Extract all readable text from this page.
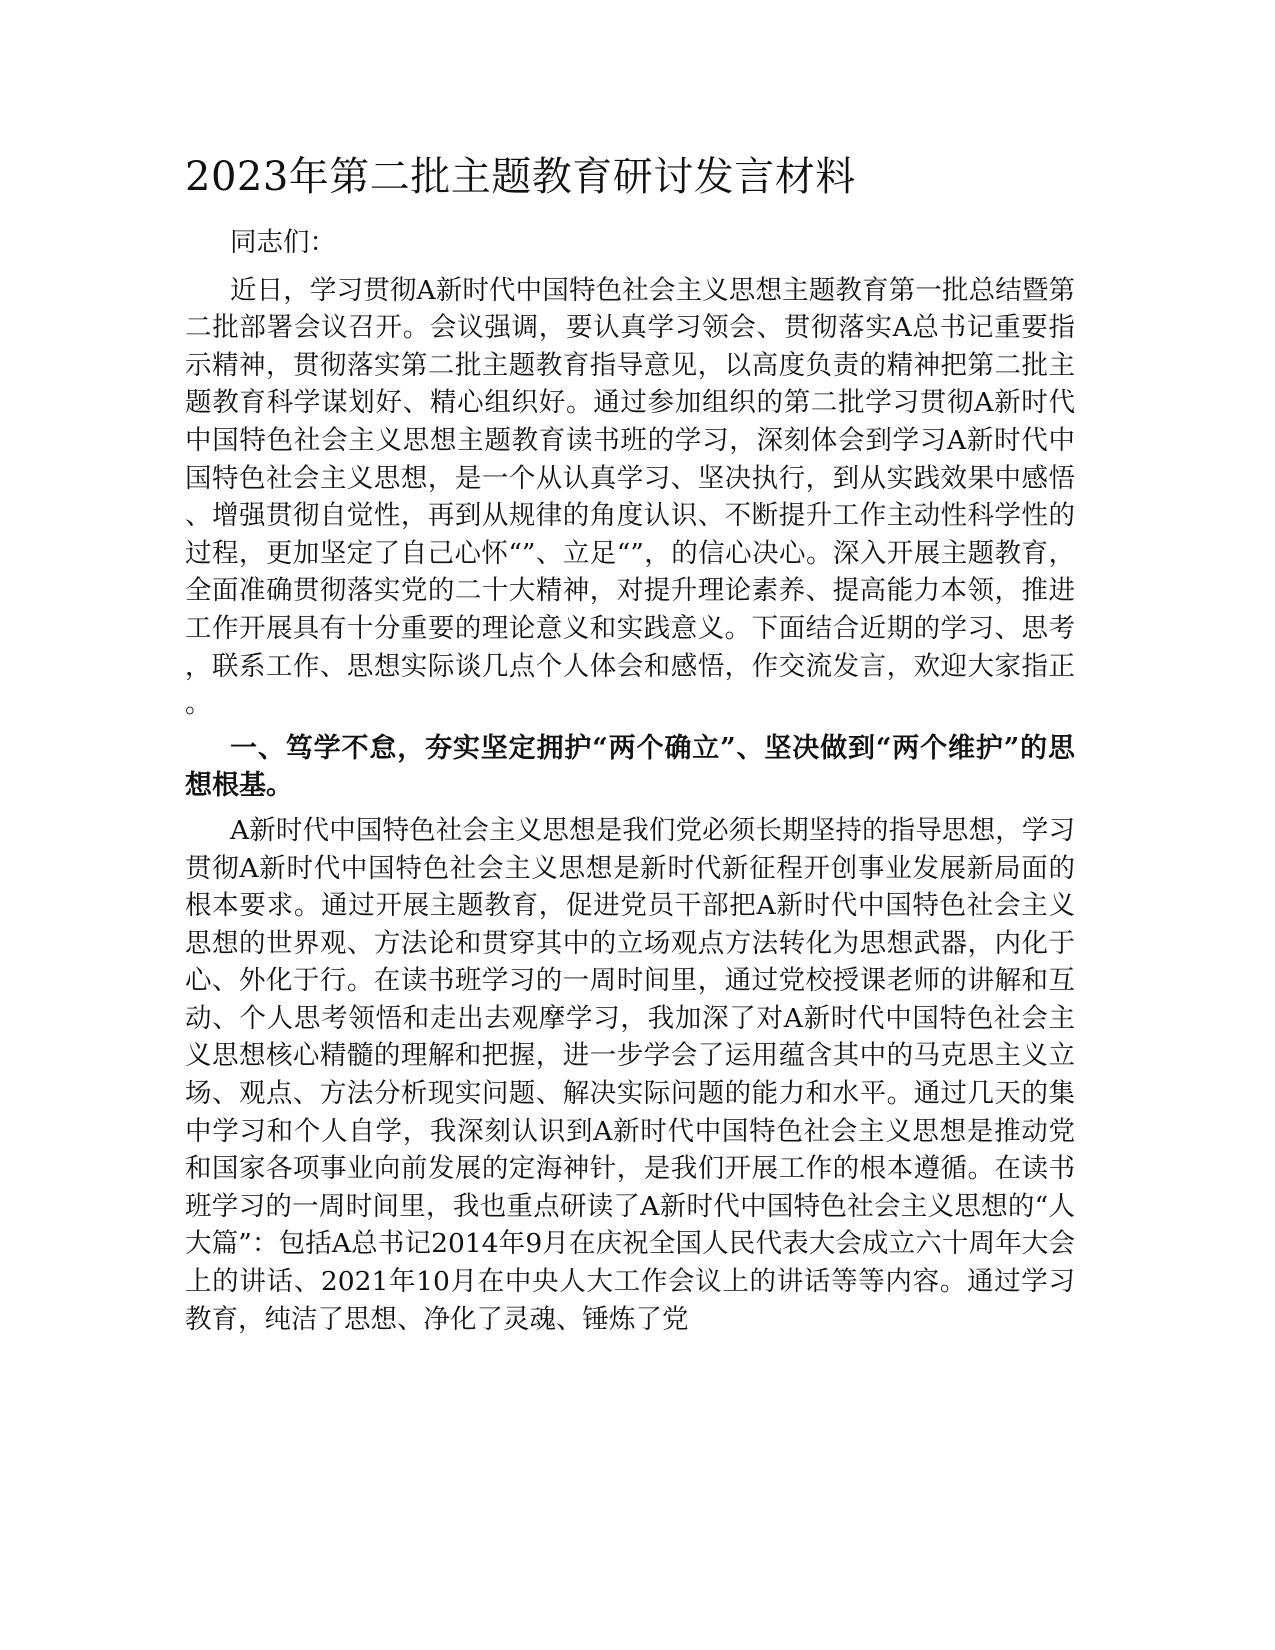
2023年第二批主题教育研讨发言材料

同志们：

近日，学习贯彻A新时代中国特色社会主义思想主题教育第一批总结暨第二批部署会议召开。会议强调，要认真学习领会、贯彻落实A总书记重要指示精神，贯彻落实第二批主题教育指导意见，以高度负责的精神把第二批主题教育科学谋划好、精心组织好。通过参加组织的第二批学习贯彻A新时代中国特色社会主义思想主题教育读书班的学习，深刻体会到学习A新时代中国特色社会主义思想，是一个从认真学习、坚决执行，到从实践效果中感悟、增强贯彻自觉性，再到从规律的角度认识、不断提升工作主动性科学性的过程，更加坚定了自己心怀“”、立足“”，的信心决心。深入开展主题教育，全面准确贯彻落实党的二十大精神，对提升理论素养、提高能力本领，推进工作开展具有十分重要的理论意义和实践意义。下面结合近期的学习、思考，联系工作、思想实际谈几点个人体会和感悟，作交流发言，欢迎大家指正。

一、笃学不怠，夯实坚定拥护“两个确立”、坚决做到“两个维护”的思想根基。

A新时代中国特色社会主义思想是我们党必须长期坚持的指导思想，学习贯彻A新时代中国特色社会主义思想是新时代新征程开创事业发展新局面的根本要求。通过开展主题教育，促进党员干部把A新时代中国特色社会主义思想的世界观、方法论和贯穿其中的立场观点方法转化为思想武器，内化于心、外化于行。在读书班学习的一周时间里，通过党校授课老师的讲解和互动、个人思考领悟和走出去观摩学习，我加深了对A新时代中国特色社会主义思想核心精髓的理解和把握，进一步学会了运用蕴含其中的马克思主义立场、观点、方法分析现实问题、解决实际问题的能力和水平。通过几天的集中学习和个人自学，我深刻认识到A新时代中国特色社会主义思想是推动党和国家各项事业向前发展的定海神针，是我们开展工作的根本遵循。在读书班学习的一周时间里，我也重点研读了A新时代中国特色社会主义思想的“人大篇”：包括A总书记2014年9月在庆祝全国人民代表大会成立六十周年大会上的讲话、2021年10月在中央人大工作会议上的讲话等等内容。通过学习教育，纯洁了思想、净化了灵魂、锤炼了党
